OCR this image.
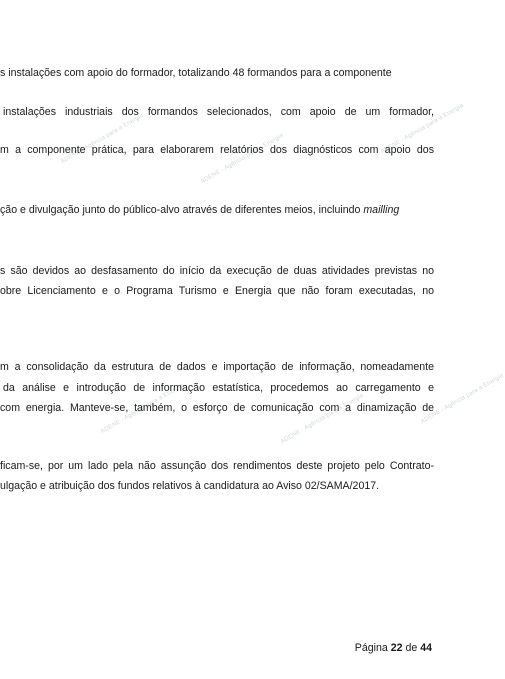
ADENE - Agência para a Energia	ADENE - Agência para a Energia
ADENE - Agência para a Energia
ADENE - Agência para a Energia	ADENE - Agência para a Energia	ADENE - Agência para a Energia
s instalações com apoio do formador, totalizando 48 formandos para a componente
instalações industriais dos formandos selecionados, com apoio de um formador,
m a componente prática, para elaborarem relatórios dos diagnósticos com apoio dos
ção e divulgação junto do público-alvo através de diferentes meios, incluindo mailling
s são devidos ao desfasamento do início da execução de duas atividades previstas no
obre Licenciamento e o Programa Turismo e Energia que não foram executadas, no
m a consolidação da estrutura de dados e importação de informação, nomeadamente
da análise e introdução de informação estatística, procedemos ao carregamento e
com energia. Manteve-se, também, o esforço de comunicação com a dinamização de
ficam-se, por um lado pela não assunção dos rendimentos deste projeto pelo Contrato-
ulgação e atribuição dos fundos relativos à candidatura ao Aviso 02/SAMA/2017.
Página 22 de 44
